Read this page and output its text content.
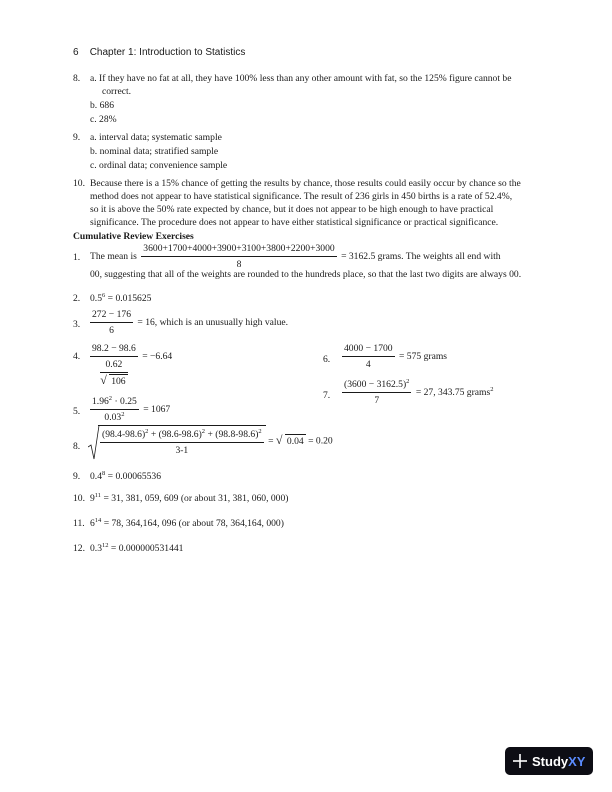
6 Chapter 1: Introduction to Statistics
8. a. If they have no fat at all, they have 100% less than any other amount with fat, so the 125% figure cannot be
correct.
b. 686
c. 28%
9. a. interval data; systematic sample
b. nominal data; stratified sample
c. ordinal data; convenience sample
10. Because there is a 15% chance of getting the results by chance, those results could easily occur by chance so the
method does not appear to have statistical significance. The result of 236 girls in 450 births is a rate of 52.4%,
so it is above the 50% rate expected by chance, but it does not appear to be high enough to have practical
significance. The procedure does not appear to have either statistical significance or practical significance.
Cumulative Review Exercises
1. The mean is $\frac{3600+1700+4000+3900+3100+3800+2200+3000}{8} = 3162.5$ grams. The weights all end with
00, suggesting that all of the weights are rounded to the hundreds place, so that the last two digits are always 00.
2. $0.5^6 = 0.015625$
3. $\frac{272 - 176}{6} = 16$, which is an unusually high value.
4. $\frac{98.2 - 98.6}{\frac{0.62}{√ 106}} = -6.64$
5. $\frac{1.96^2 \cdot 0.25}{0.03^2} = 1067$
6. $\frac{4000 - 1700}{4} = 575$ grams
7. $\frac{(3600 - 3162.5)^2}{7} = 27$, 343.75 grams$^2$
8. $\frac{(98.4-98.6)^2 + (98.6-98.6)^2 + (98.8-98.6)^2}{3-1}$ = √ 0.04 = 0.20
9. $0.4^8 = 0.00065536$
10. $9^{11} = 31$, 381, 059, 609 (or about 31, 381, 060, 000)
11. $6^{14} = 78$, 364,164, 096 (or about 78, 364,164, 000)
12. $0.3^{12} = 0.000000531441$
StudyXY
